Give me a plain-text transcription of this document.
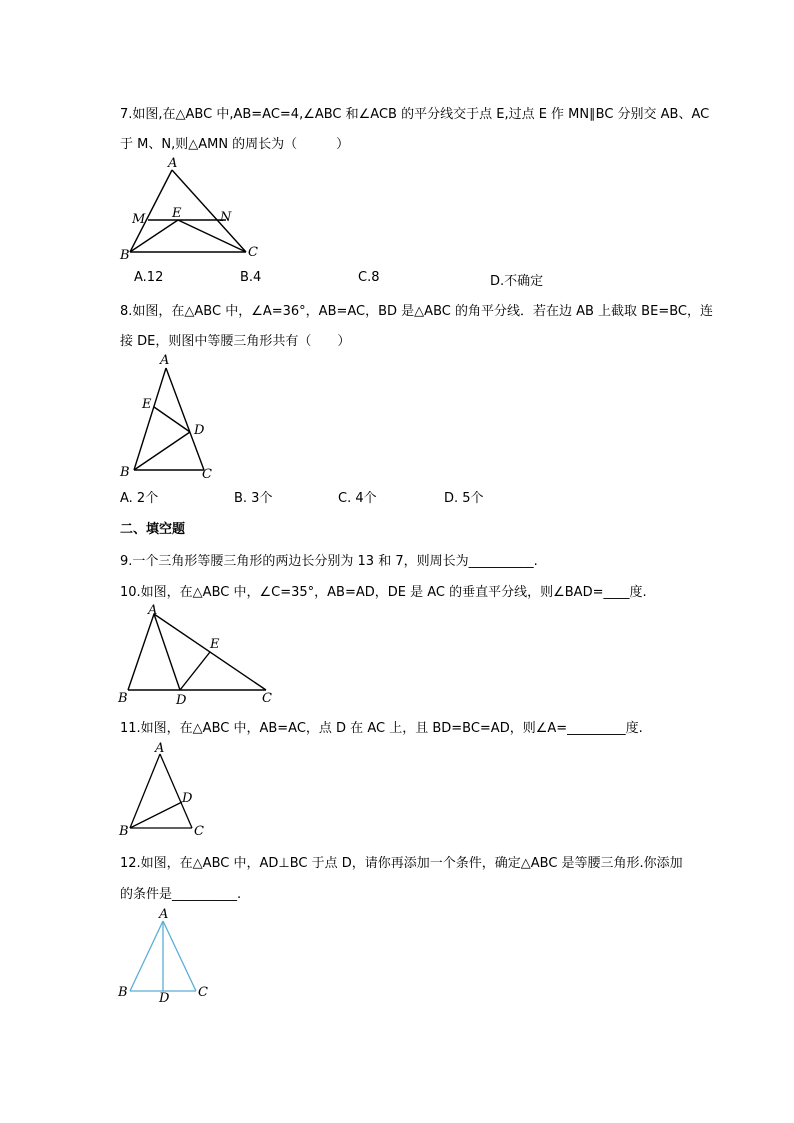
7.如图,在△ABC 中,AB=AC=4,∠ABC 和∠ACB 的平分线交于点 E,过点 E 作 MN∥BC 分别交 AB、AC
于 M、N,则△AMN 的周长为（　　　）
A
B	C
M	N
E
A.12	B.4	C.8	D.不确定
8.如图，在△ABC 中，∠A=36°，AB=AC，BD 是△ABC 的角平分线．若在边 AB 上截取 BE=BC，连
接 DE，则图中等腰三角形共有（　　）
A
E
D
B	C
A. 2个	B. 3个	C. 4个	D. 5个
二、填空题
9.一个三角形等腰三角形的两边长分别为 13 和 7，则周长为__________.
10.如图，在△ABC 中，∠C=35°，AB=AD，DE 是 AC 的垂直平分线，则∠BAD=____度.
A
E
B	D	C
11.如图，在△ABC 中，AB=AC，点 D 在 AC 上，且 BD=BC=AD，则∠A=_________度.
A
D
B	C
12.如图，在△ABC 中，AD⊥BC 于点 D，请你再添加一个条件，确定△ABC 是等腰三角形.你添加
的条件是__________.
A
B D C
